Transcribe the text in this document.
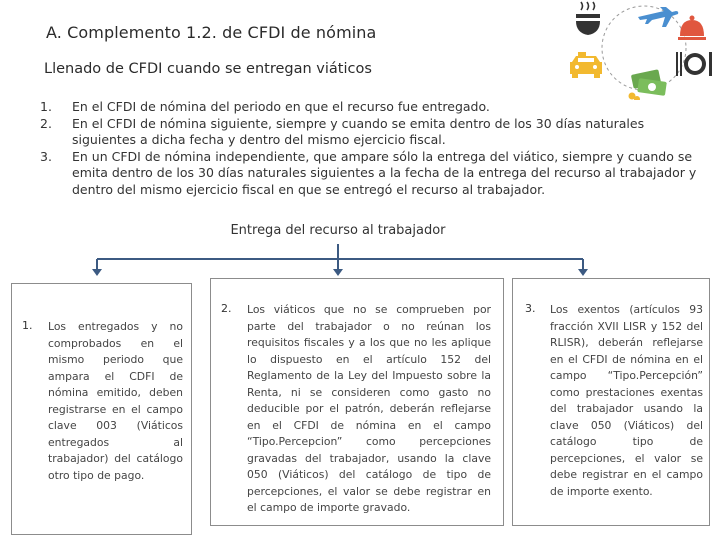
A. Complemento 1.2. de CFDI de nómina
Llenado de CFDI cuando se entregan viáticos
1. En el CFDI de nómina del periodo en que el recurso fue entregado.
2. En el CFDI de nómina siguiente, siempre y cuando se emita dentro de los 30 días naturales siguientes a dicha fecha y dentro del mismo ejercicio fiscal.
3. En un CFDI de nómina independiente, que ampare sólo la entrega del viático, siempre y cuando se emita dentro de los 30 días naturales siguientes a la fecha de la entrega del recurso al trabajador y dentro del mismo ejercicio fiscal en que se entregó el recurso al trabajador.
Entrega del recurso al trabajador
1. Los entregados y no comprobados en el mismo periodo que ampara el CDFI de nómina emitido, deben registrarse en el campo clave 003 (Viáticos entregados al trabajador) del catálogo otro tipo de pago.
2. Los viáticos que no se comprueben por parte del trabajador o no reúnan los requisitos fiscales y a los que no les aplique lo dispuesto en el artículo 152 del Reglamento de la Ley del Impuesto sobre la Renta, ni se consideren como gasto no deducible por el patrón, deberán reflejarse en el CFDI de nómina en el campo “Tipo.Percepcion” como percepciones gravadas del trabajador, usando la clave 050 (Viáticos) del catálogo de tipo de percepciones, el valor se debe registrar en el campo de importe gravado.
3. Los exentos (artículos 93 fracción XVII LISR y 152 del RLISR), deberán reflejarse en el CFDI de nómina en el campo “Tipo.Percepción” como prestaciones exentas del trabajador usando la clave 050 (Viáticos) del catálogo tipo de percepciones, el valor se debe registrar en el campo de importe exento.
